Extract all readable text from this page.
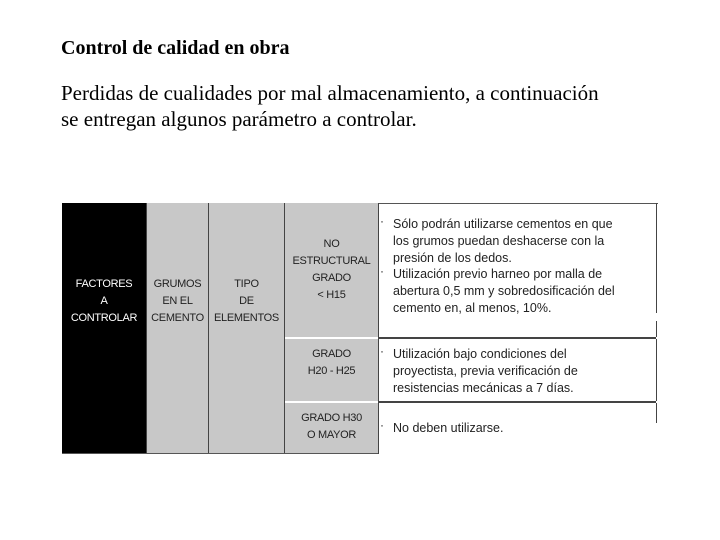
Control de calidad en obra
Perdidas de cualidades por mal almacenamiento, a continuación
se entregan algunos parámetro a controlar.
FACTORES
A
CONTROLAR
GRUMOS
EN EL
CEMENTO
TIPO
DE
ELEMENTOS
NO
ESTRUCTURAL
GRADO
< H15
GRADO
H20 - H25
GRADO H30
O MAYOR
· Sólo podrán utilizarse cementos en que
los grumos puedan deshacerse con la
presión de los dedos.
· Utilización previo harneo por malla de
abertura 0,5 mm y sobredosificación del
cemento en, al menos, 10%.
· Utilización bajo condiciones del
proyectista, previa verificación de
resistencias mecánicas a 7 días.
· No deben utilizarse.
